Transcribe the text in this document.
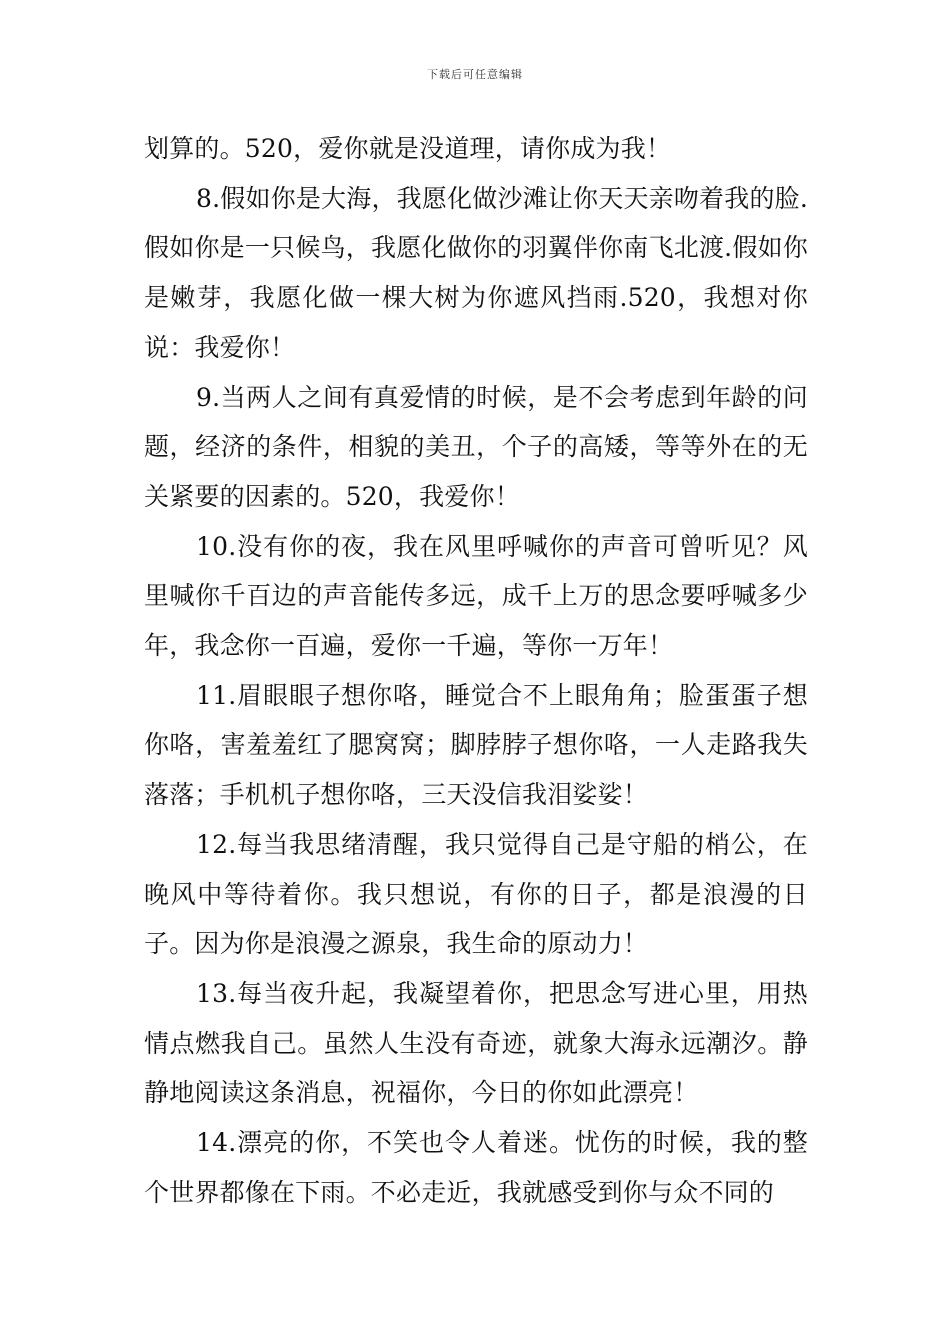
下载后可任意编辑

划算的。520，爱你就是没道理，请你成为我！

8.假如你是大海，我愿化做沙滩让你天天亲吻着我的脸.假如你是一只候鸟，我愿化做你的羽翼伴你南飞北渡.假如你是嫩芽，我愿化做一棵大树为你遮风挡雨.520，我想对你说：我爱你！

9.当两人之间有真爱情的时候，是不会考虑到年龄的问题，经济的条件，相貌的美丑，个子的高矮，等等外在的无关紧要的因素的。520，我爱你！

10.没有你的夜，我在风里呼喊你的声音可曾听见？风里喊你千百边的声音能传多远，成千上万的思念要呼喊多少年，我念你一百遍，爱你一千遍，等你一万年！

11.眉眼眼子想你咯，睡觉合不上眼角角；脸蛋蛋子想你咯，害羞羞红了腮窝窝；脚脖脖子想你咯，一人走路我失落落；手机机子想你咯，三天没信我泪娑娑！

12.每当我思绪清醒，我只觉得自己是守船的梢公，在晚风中等待着你。我只想说，有你的日子，都是浪漫的日子。因为你是浪漫之源泉，我生命的原动力！

13.每当夜升起，我凝望着你，把思念写进心里，用热情点燃我自己。虽然人生没有奇迹，就象大海永远潮汐。静静地阅读这条消息，祝福你，今日的你如此漂亮！

14.漂亮的你，不笑也令人着迷。忧伤的时候，我的整个世界都像在下雨。不必走近，我就感受到你与众不同的
